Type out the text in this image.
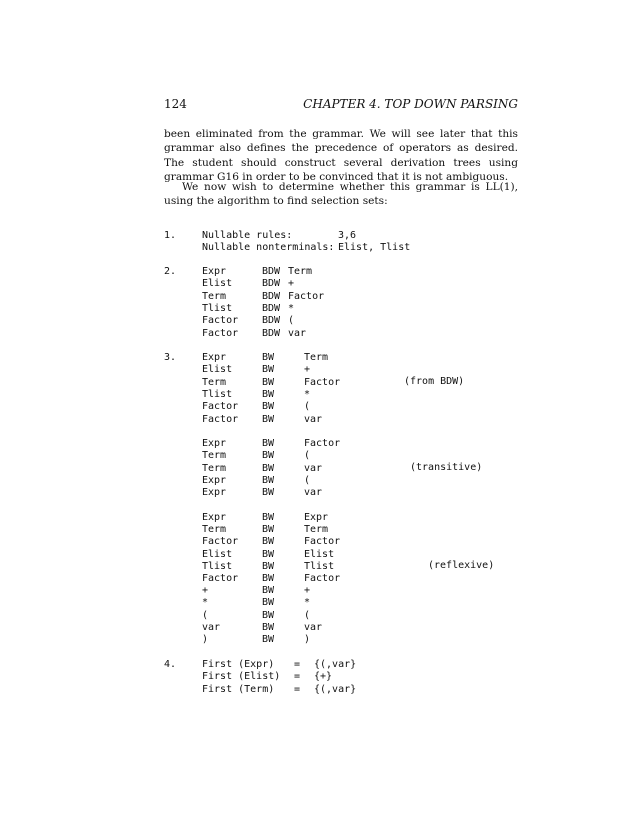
124	CHAPTER 4. TOP DOWN PARSING
been eliminated from the grammar. We will see later that this grammar also defines the precedence of operators as desired. The student should construct several derivation trees using grammar G16 in order to be convinced that it is not ambiguous.
We now wish to determine whether this grammar is LL(1), using the algorithm to find selection sets:
1.	Nullable rules:	3,6
Nullable nonterminals: Elist, Tlist
2.	Expr	BDW Term
Elist	BDW +
Term	BDW Factor
Tlist	BDW *
Factor BDW (
Factor BDW var
3.	Expr	BW	Term
Elist	BW	+
Term	BW	Factor
Tlist	BW	*
Factor BW	(
Factor BW	var
(from BDW)
Expr	BW	Factor
Term	BW	(
Term	BW	var
Expr	BW	(
Expr	BW	var
(transitive)
Expr	BW	Expr
Term	BW	Term
Factor BW	Factor
Elist	BW	Elist
Tlist	BW	Tlist
Factor BW	Factor
+	BW	+
*	BW	*
(	BW	(
var	BW	var
)	BW	)
(reflexive)
4.	First (Expr) = {(,var}
First (Elist) = {+}
First (Term) = {(,var}
